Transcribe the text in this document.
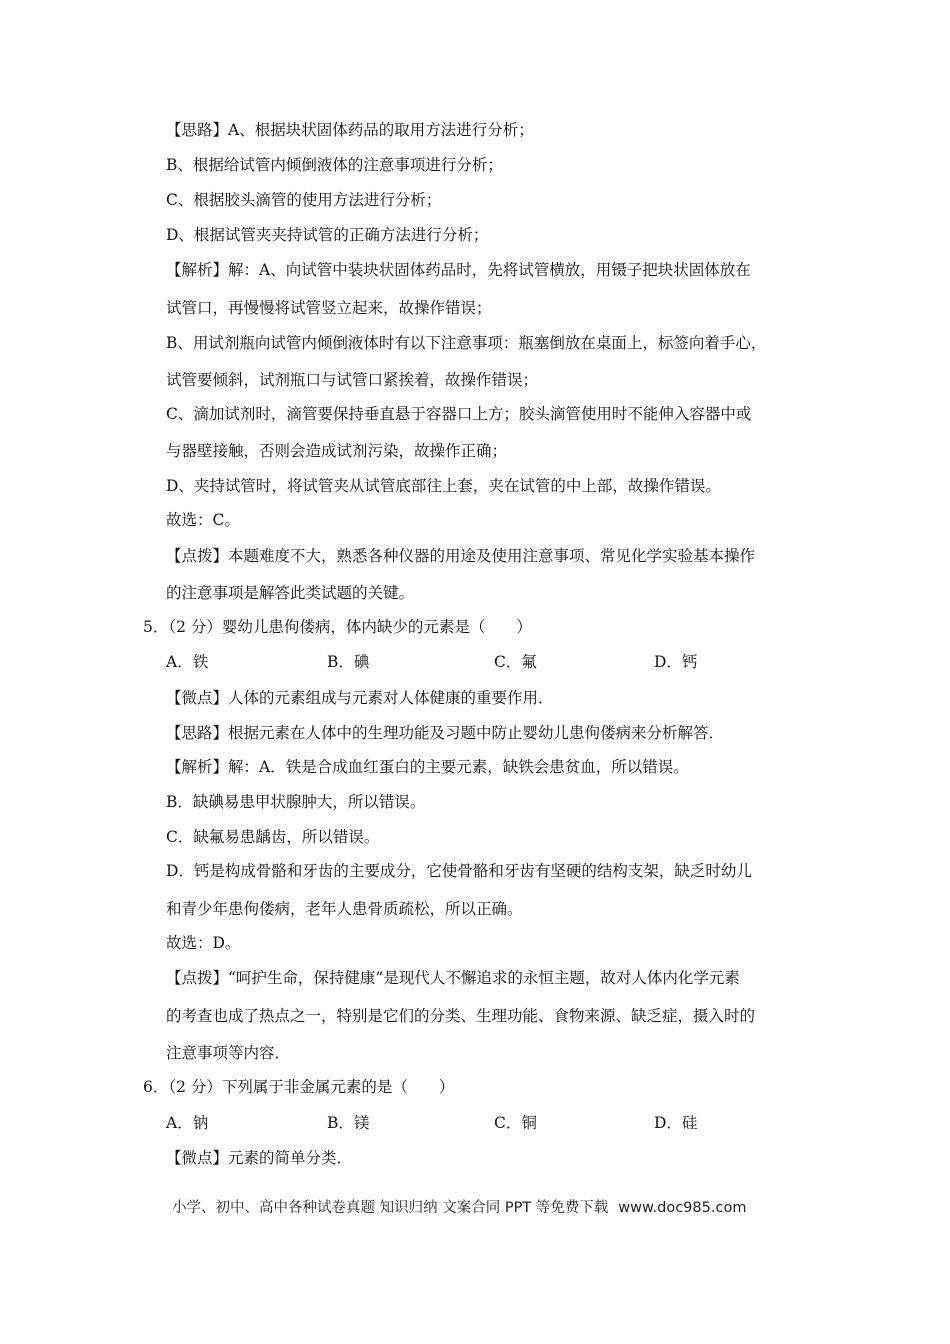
【思路】A、根据块状固体药品的取用方法进行分析；
B、根据给试管内倾倒液体的注意事项进行分析；
C、根据胶头滴管的使用方法进行分析；
D、根据试管夹夹持试管的正确方法进行分析；
【解析】解：A、向试管中装块状固体药品时，先将试管横放，用镊子把块状固体放在
试管口，再慢慢将试管竖立起来，故操作错误；
B、用试剂瓶向试管内倾倒液体时有以下注意事项：瓶塞倒放在桌面上，标签向着手心，
试管要倾斜，试剂瓶口与试管口紧挨着，故操作错误；
C、滴加试剂时，滴管要保持垂直悬于容器口上方；胶头滴管使用时不能伸入容器中或
与器壁接触，否则会造成试剂污染，故操作正确；
D、夹持试管时，将试管夹从试管底部往上套，夹在试管的中上部，故操作错误。
故选：C。
【点拨】本题难度不大，熟悉各种仪器的用途及使用注意事项、常见化学实验基本操作
的注意事项是解答此类试题的关键。
5．（2 分）婴幼儿患佝偻病，体内缺少的元素是（　　）
A．铁	B．碘	C．氟	D．钙
【微点】人体的元素组成与元素对人体健康的重要作用．
【思路】根据元素在人体中的生理功能及习题中防止婴幼儿患佝偻病来分析解答．
【解析】解：A．铁是合成血红蛋白的主要元素，缺铁会患贫血，所以错误。
B．缺碘易患甲状腺肿大，所以错误。
C．缺氟易患龋齿，所以错误。
D．钙是构成骨骼和牙齿的主要成分，它使骨骼和牙齿有坚硬的结构支架，缺乏时幼儿
和青少年患佝偻病，老年人患骨质疏松，所以正确。
故选：D。
【点拨】“呵护生命，保持健康”是现代人不懈追求的永恒主题，故对人体内化学元素
的考查也成了热点之一，特别是它们的分类、生理功能、食物来源、缺乏症，摄入时的
注意事项等内容．
6．（2 分）下列属于非金属元素的是（　　）
A．钠	B．镁	C．铜	D．硅
【微点】元素的简单分类．
小学、初中、高中各种试卷真题 知识归纳 文案合同 PPT 等免费下载 www.doc985.com
